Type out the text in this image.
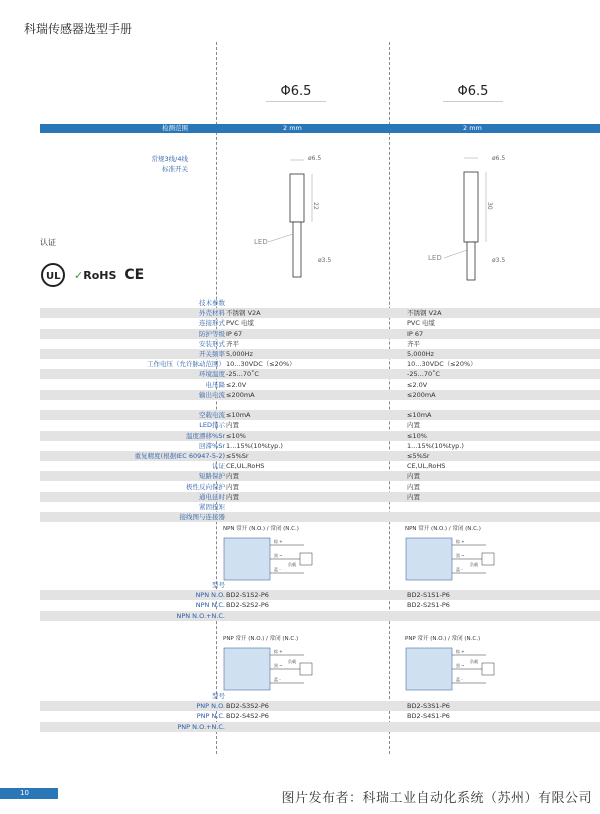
科瑞传感器选型手册
Φ6.5	Φ6.5
检测范围	2 mm	2 mm
常规3线/4线
标准开关
ø6.5
22
LED
ø3.5
ø6.5
30
LED	ø3.5
认证
UL ✓RoHS CE
技术参数
外壳材料 不锈钢 V2A	不锈钢 V2A
连接形式 PVC 电缆	PVC 电缆
防护等级 IP 67	IP 67
安装形式 齐平	齐平
开关频率 5,000Hz	5,000Hz
工作电压（允许脉动范围） 10...30VDC（≤20%）	10...30VDC（≤20%）
环境温度 -25...70˚C	-25...70˚C
电压降 ≤2.0V	≤2.0V
输出电流 ≤200mA	≤200mA
空载电流 ≤10mA	≤10mA
LED指示 内置	内置
温度漂移%Sr ≤10%	≤10%
回滞%Sr 1...15%(10%typ.)	1...15%(10%typ.)
重复精度(根据IEC 60947-5-2) ≤5%Sr	≤5%Sr
认证 CE,UL,RoHS	CE,UL,RoHS
短路保护 内置	内置
极性反向保护 内置	内置
通电延时 内置	内置
紧固扭矩
接线图与连接器
NPN 常开 (N.O.) / 常闭 (N.C.)	NPN 常开 (N.O.) / 常闭 (N.C.)
PNP 常开 (N.O.) / 常闭 (N.C.)	PNP 常开 (N.O.) / 常闭 (N.C.)
棕 +
黑 ~
蓝 -
负载
棕 +
黑 ~
蓝 -
负载
棕 +
黑 ~
蓝 -
负载
棕 +
黑 ~
蓝 -
负载
型号
NPN N.O. BD2-S1S2-P6	BD2-S1S1-P6
NPN N.C. BD2-S2S2-P6	BD2-S2S1-P6
NPN N.O.+N.C.
型号
PNP N.O. BD2-S3S2-P6	BD2-S3S1-P6
PNP N.C. BD2-S4S2-P6	BD2-S4S1-P6
PNP N.O.+N.C.
10	图片发布者：科瑞工业自动化系统（苏州）有限公司
